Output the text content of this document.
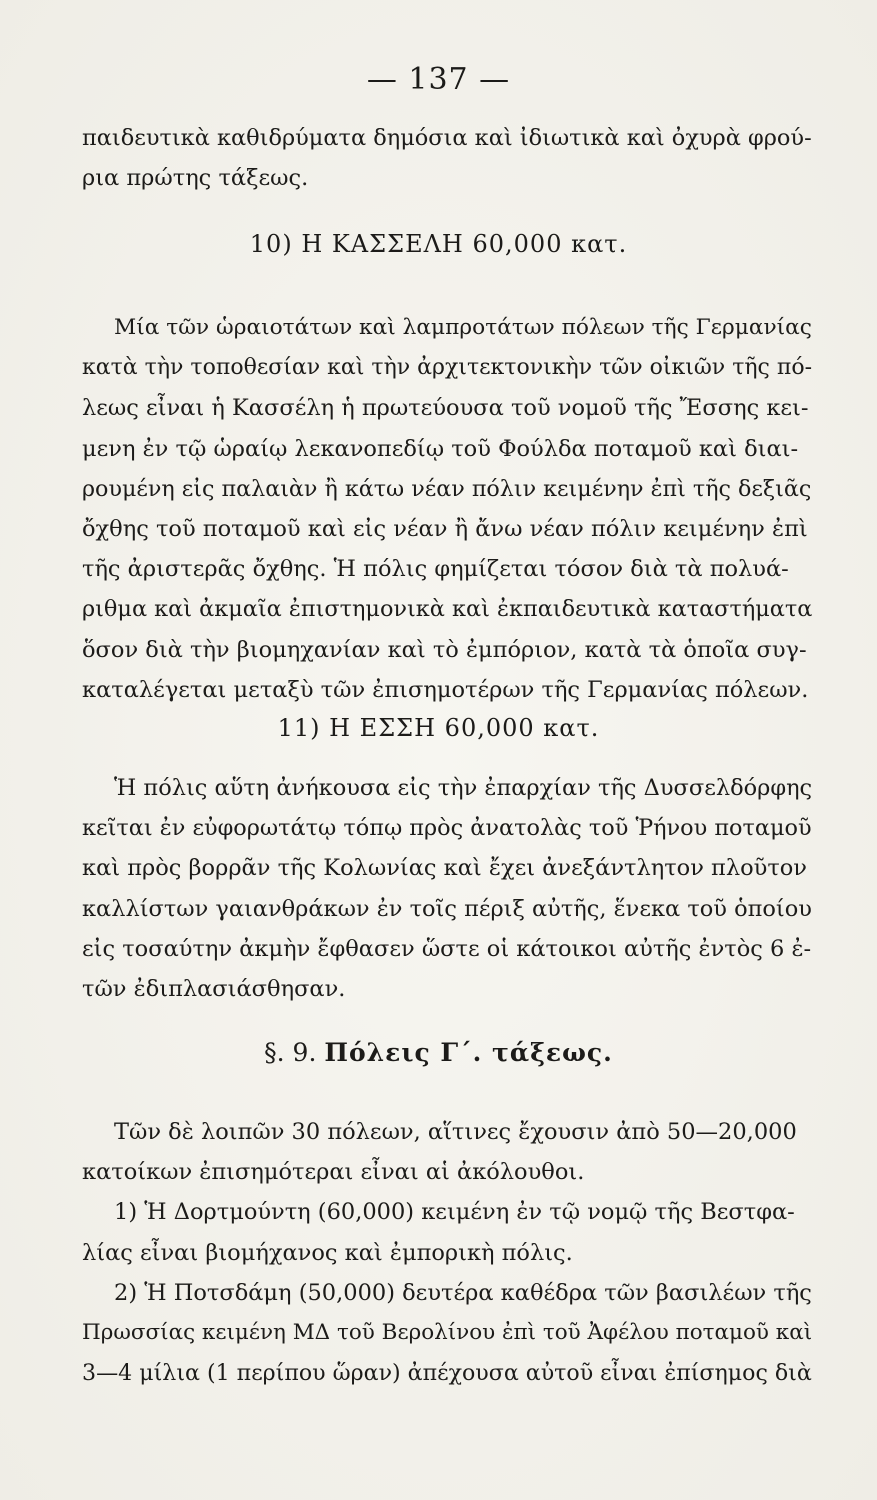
— 137 —
παιδευτικὰ καθιδρύματα δημόσια καὶ ἰδιωτικὰ καὶ ὀχυρὰ φρού-
ρια πρώτης τάξεως.
10) Η ΚΑΣΣΕΛΗ 60,000 κατ.
Μία τῶν ὡραιοτάτων καὶ λαμπροτάτων πόλεων τῆς Γερμανίας
κατὰ τὴν τοποθεσίαν καὶ τὴν ἀρχιτεκτονικὴν τῶν οἰκιῶν τῆς πό-
λεως εἶναι ἡ Κασσέλη ἡ πρωτεύουσα τοῦ νομοῦ τῆς Ἔσσης κει-
μενη ἐν τῷ ὡραίῳ λεκανοπεδίῳ τοῦ Φούλδα ποταμοῦ καὶ διαι-
ρουμένη εἰς παλαιὰν ἢ κάτω νέαν πόλιν κειμένην ἐπὶ τῆς δεξιᾶς
ὄχθης τοῦ ποταμοῦ καὶ εἰς νέαν ἢ ἄνω νέαν πόλιν κειμένην ἐπὶ
τῆς ἀριστερᾶς ὄχθης. Ἡ πόλις φημίζεται τόσον διὰ τὰ πολυά-
ριθμα καὶ ἀκμαῖα ἐπιστημονικὰ καὶ ἐκπαιδευτικὰ καταστήματα
ὅσον διὰ τὴν βιομηχανίαν καὶ τὸ ἐμπόριον, κατὰ τὰ ὁποῖα συγ-
καταλέγεται μεταξὺ τῶν ἐπισημοτέρων τῆς Γερμανίας πόλεων.
11) Η ΕΣΣΗ 60,000 κατ.
Ἡ πόλις αὕτη ἀνήκουσα εἰς τὴν ἐπαρχίαν τῆς Δυσσελδόρφης
κεῖται ἐν εὐφορωτάτῳ τόπῳ πρὸς ἀνατολὰς τοῦ Ῥήνου ποταμοῦ
καὶ πρὸς βορρᾶν τῆς Κολωνίας καὶ ἔχει ἀνεξάντλητον πλοῦτον
καλλίστων γαιανθράκων ἐν τοῖς πέριξ αὐτῆς, ἕνεκα τοῦ ὁποίου
εἰς τοσαύτην ἀκμὴν ἔφθασεν ὥστε οἱ κάτοικοι αὐτῆς ἐντὸς 6 ἐ-
τῶν ἐδιπλασιάσθησαν.
§. 9. Πόλεις Γ΄. τάξεως.
Τῶν δὲ λοιπῶν 30 πόλεων, αἵτινες ἔχουσιν ἀπὸ 50—20,000
κατοίκων ἐπισημότεραι εἶναι αἱ ἀκόλουθοι.
1) Ἡ Δορτμούντη (60,000) κειμένη ἐν τῷ νομῷ τῆς Βεστφα-
λίας εἶναι βιομήχανος καὶ ἐμπορικὴ πόλις.
2) Ἡ Ποτσδάμη (50,000) δευτέρα καθέδρα τῶν βασιλέων τῆς
Πρωσσίας κειμένη ΜΔ τοῦ Βερολίνου ἐπὶ τοῦ Ἀφέλου ποταμοῦ καὶ
3—4 μίλια (1 περίπου ὥραν) ἀπέχουσα αὐτοῦ εἶναι ἐπίσημος διὰ
